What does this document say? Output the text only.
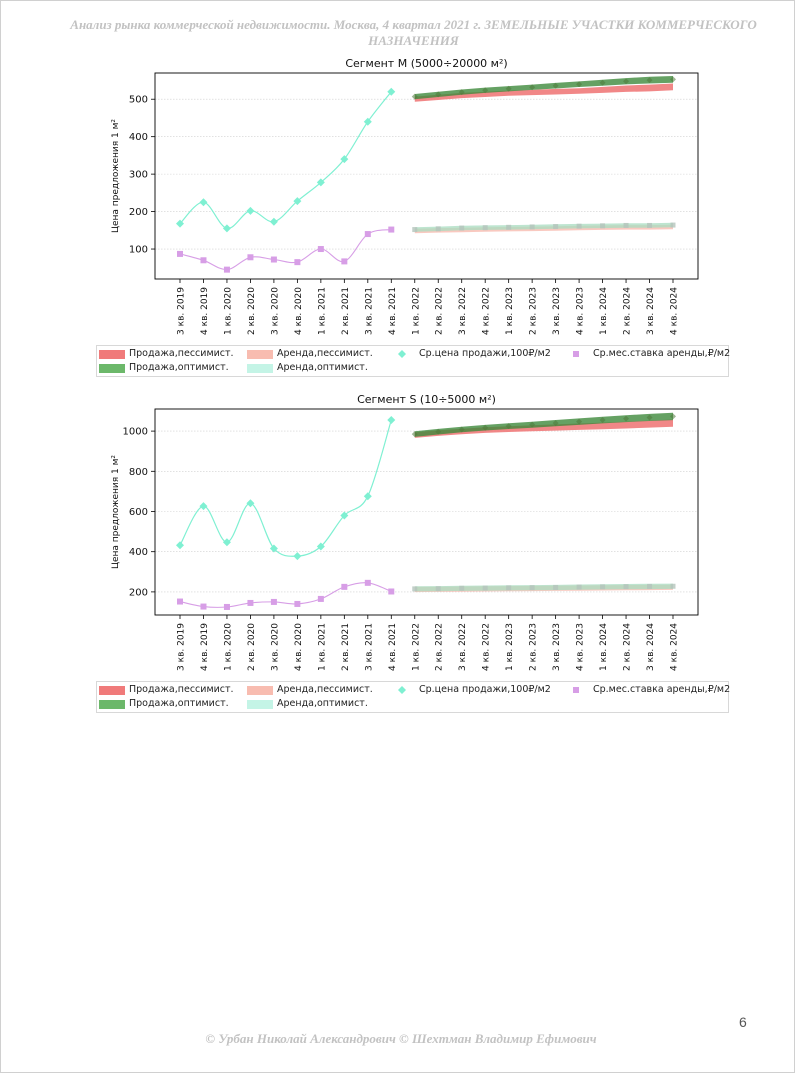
Анализ рынка коммерческой недвижимости. Москва, 4 квартал 2021 г. ЗЕМЕЛЬНЫЕ УЧАСТКИ КОММЕРЧЕСКОГО НАЗНАЧЕНИЯ
100
200
300
400
500
3 кв. 2019 4 кв. 2019 1 кв. 2020 2 кв. 2020 3 кв. 2020 4 кв. 2020 1 кв. 2021 2 кв. 2021 3 кв. 2021 4 кв. 2021 1 кв. 2022 2 кв. 2022 3 кв. 2022 4 кв. 2022 1 кв. 2023 2 кв. 2023 3 кв. 2023 4 кв. 2023 1 кв. 2024 2 кв. 2024 3 кв. 2024 4 кв. 2024
Сегмент M (5000÷20000 м²)
Цена предложения 1 м²
Продажа,пессимист.	Аренда,пессимист.	Ср.цена продажи,100₽/м2	Ср.мес.ставка аренды,₽/м2
Продажа,оптимист.	Аренда,оптимист.
200
400
600
800
1000
3 кв. 2019 4 кв. 2019 1 кв. 2020 2 кв. 2020 3 кв. 2020 4 кв. 2020 1 кв. 2021 2 кв. 2021 3 кв. 2021 4 кв. 2021 1 кв. 2022 2 кв. 2022 3 кв. 2022 4 кв. 2022 1 кв. 2023 2 кв. 2023 3 кв. 2023 4 кв. 2023 1 кв. 2024 2 кв. 2024 3 кв. 2024 4 кв. 2024
Сегмент S (10÷5000 м²)
Цена предложения 1 м²
Продажа,пессимист.	Аренда,пессимист.	Ср.цена продажи,100₽/м2	Ср.мес.ставка аренды,₽/м2
Продажа,оптимист.	Аренда,оптимист.
6
© Урбан Николай Александрович © Шехтман Владимир Ефимович
